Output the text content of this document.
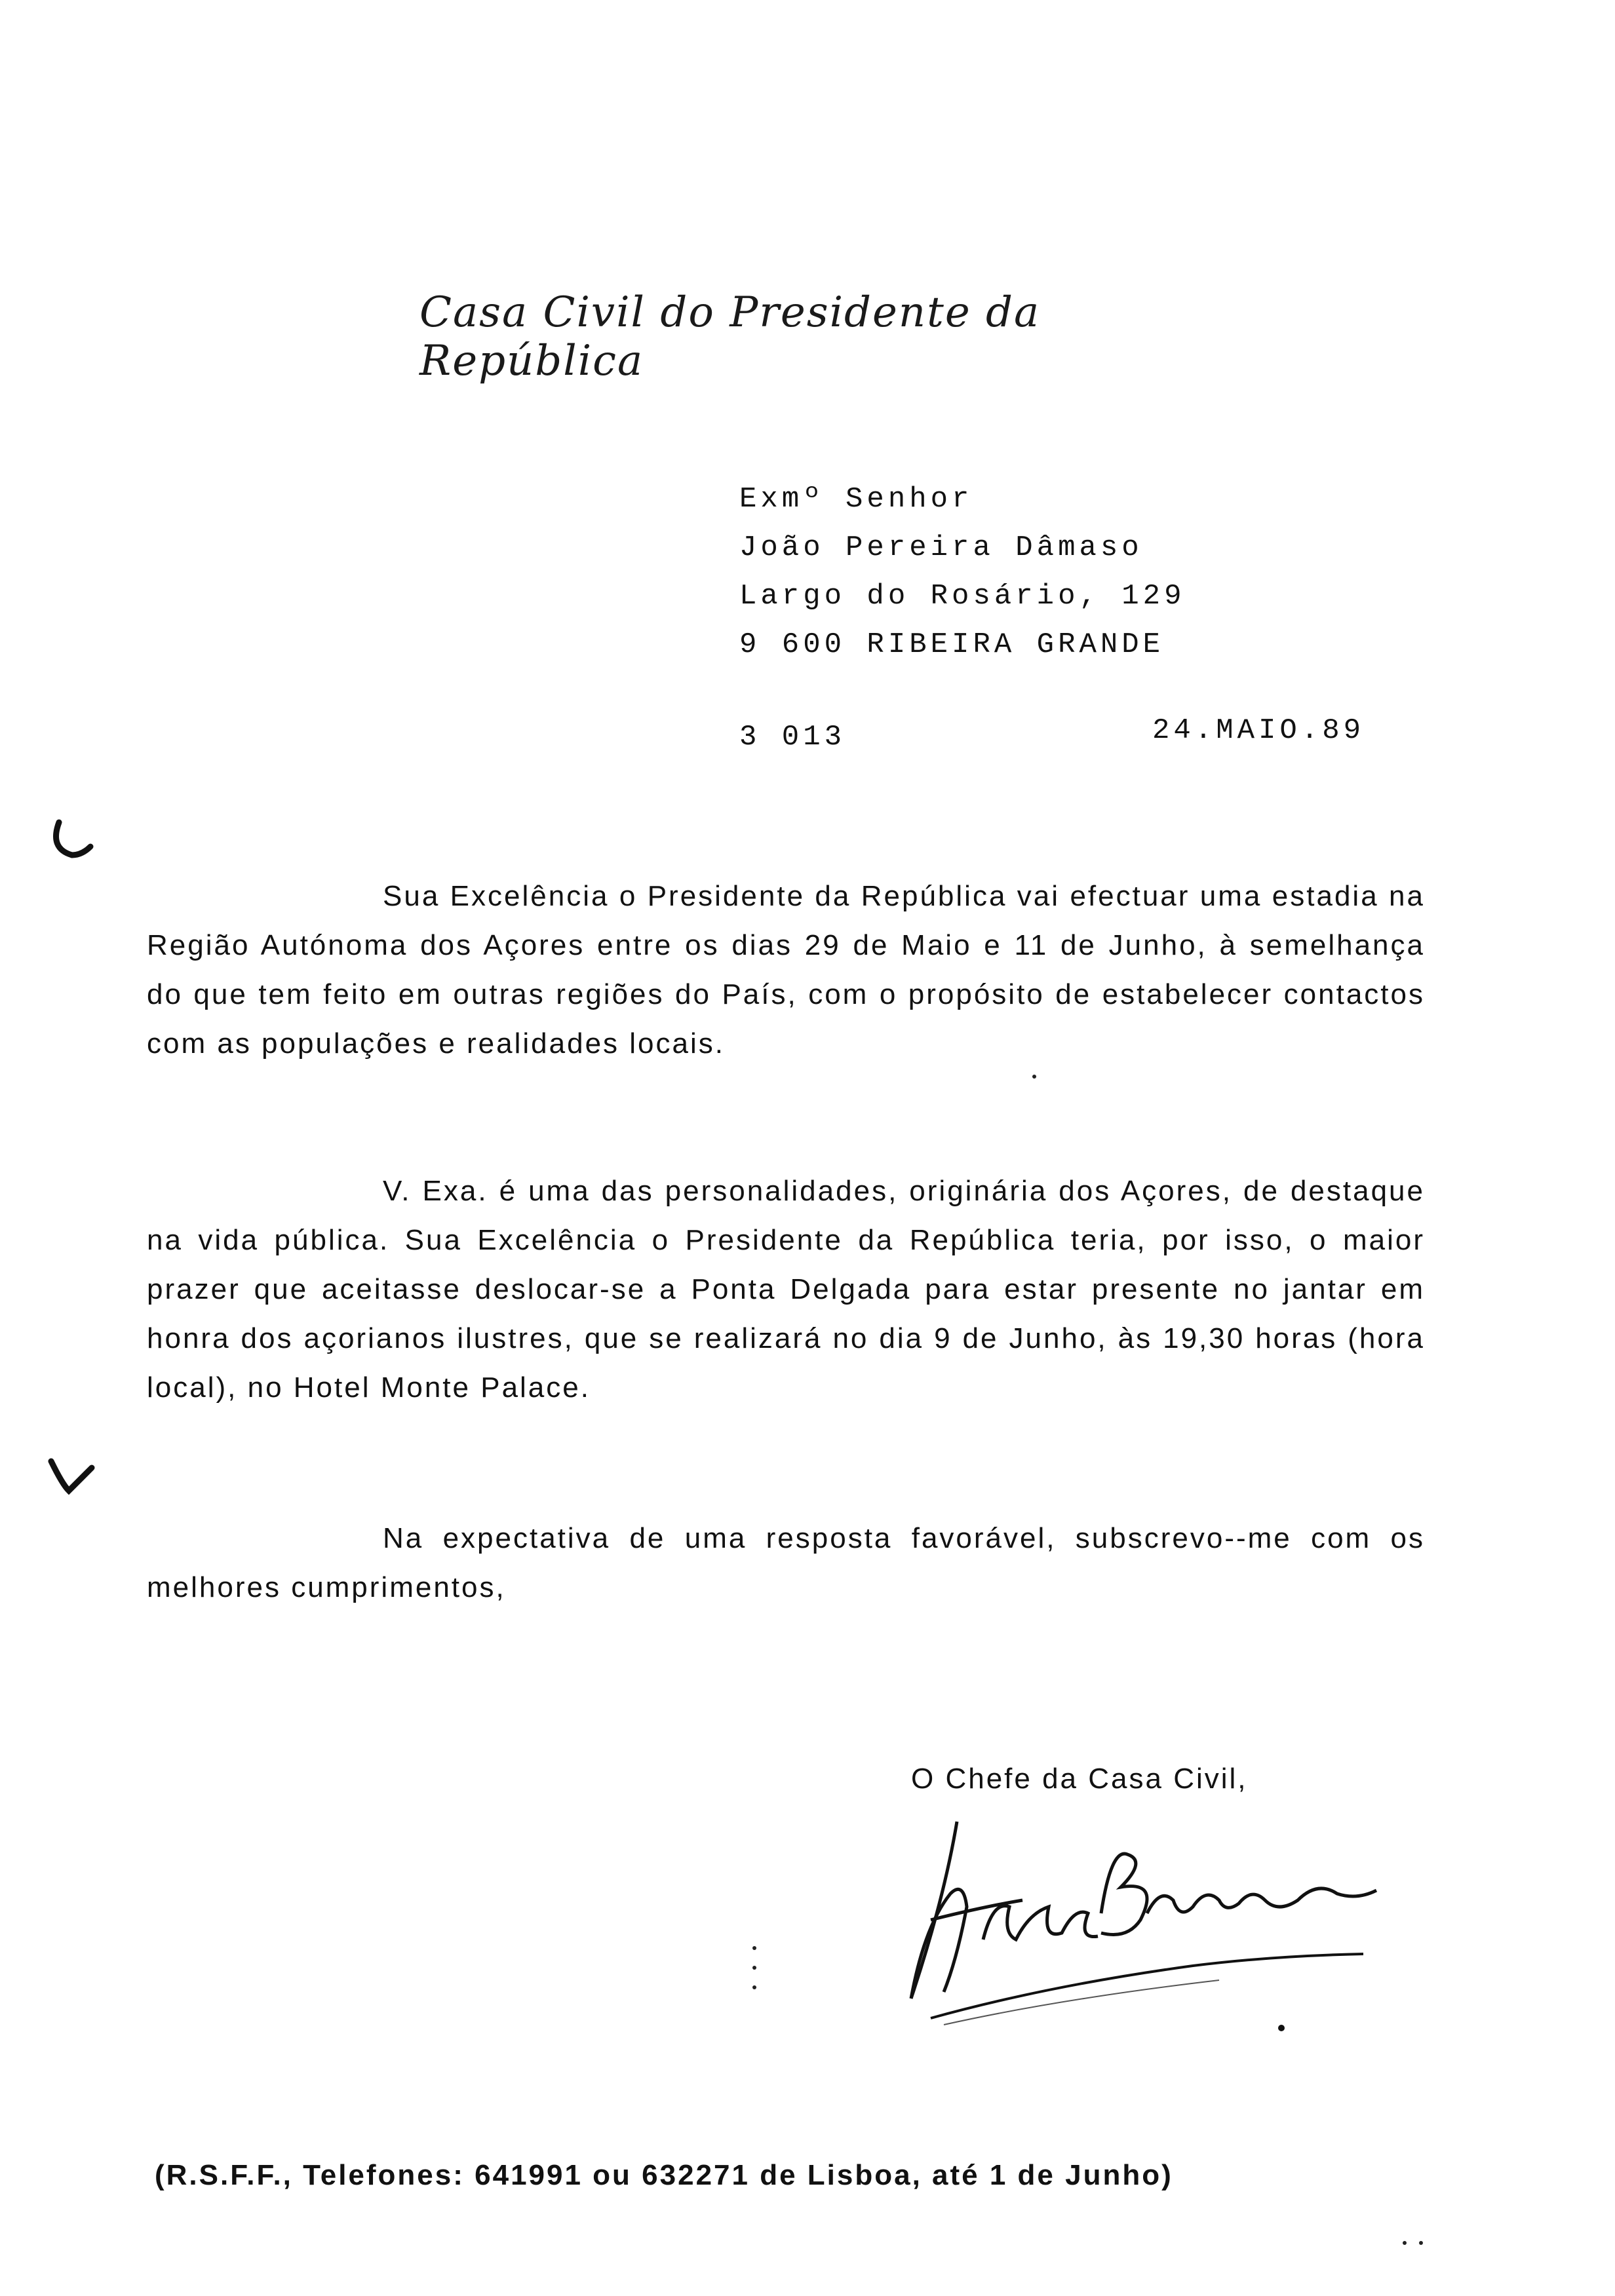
Casa Civil do Presidente da República
Exmº Senhor
João Pereira Dâmaso
Largo do Rosário, 129
9 600 RIBEIRA GRANDE
3 013	24.MAIO.89
Sua Excelência o Presidente da República vai efectuar uma estadia na Região Autónoma dos Açores entre os dias 29 de Maio e 11 de Junho, à semelhança do que tem feito em outras regiões do País, com o propósito de estabelecer contactos com as populações e realidades locais.
V. Exa. é uma das personalidades, originária dos Açores, de destaque na vida pública. Sua Excelência o Presidente da República teria, por isso, o maior prazer que aceitasse deslocar-se a Ponta Delgada para estar presente no jantar em honra dos açorianos ilustres, que se realizará no dia 9 de Junho, às 19,30 horas (hora local), no Hotel Monte Palace.
Na expectativa de uma resposta favorável, subscrevo--me com os melhores cumprimentos,
O Chefe da Casa Civil,
(R.S.F.F., Telefones: 641991 ou 632271 de Lisboa, até 1 de Junho)
